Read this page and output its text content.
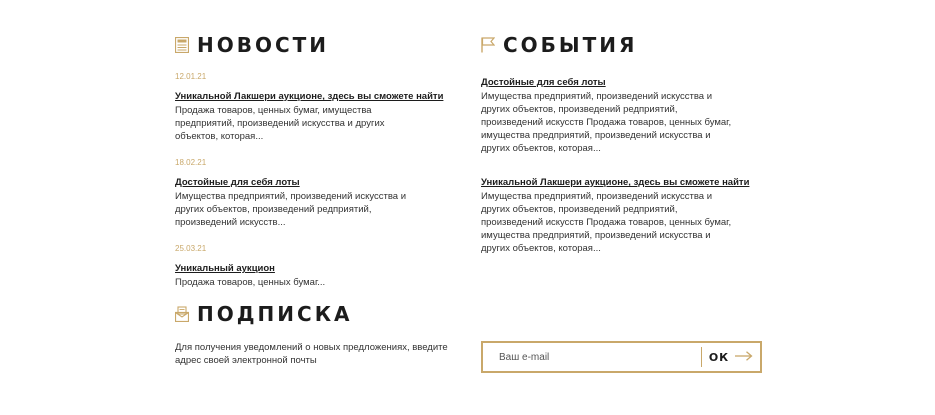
НОВОСТИ
12.01.21
Уникальной Лакшери аукционе, здесь вы сможете найти
Продажа товаров, ценных бумаг, имущества предприятий, произведений искусства и других объектов, которая...
18.02.21
Достойные для себя лоты
Имущества предприятий, произведений искусства и других объектов, произведений редприятий, произведений искусств...
25.03.21
Уникальный аукцион
Продажа товаров, ценных бумаг...
СОБЫТИЯ
Достойные для себя лоты
Имущества предприятий, произведений искусства и других объектов, произведений редприятий, произведений искусств Продажа товаров, ценных бумаг, имущества предприятий, произведений искусства и других объектов, которая...
Уникальной Лакшери аукционе, здесь вы сможете найти
Имущества предприятий, произведений искусства и других объектов, произведений редприятий, произведений искусств Продажа товаров, ценных бумаг, имущества предприятий, произведений искусства и других объектов, которая...
ПОДПИСКА
Для получения уведомлений о новых предложениях, введите адрес своей электронной почты
Ваш e-mail	ОК
